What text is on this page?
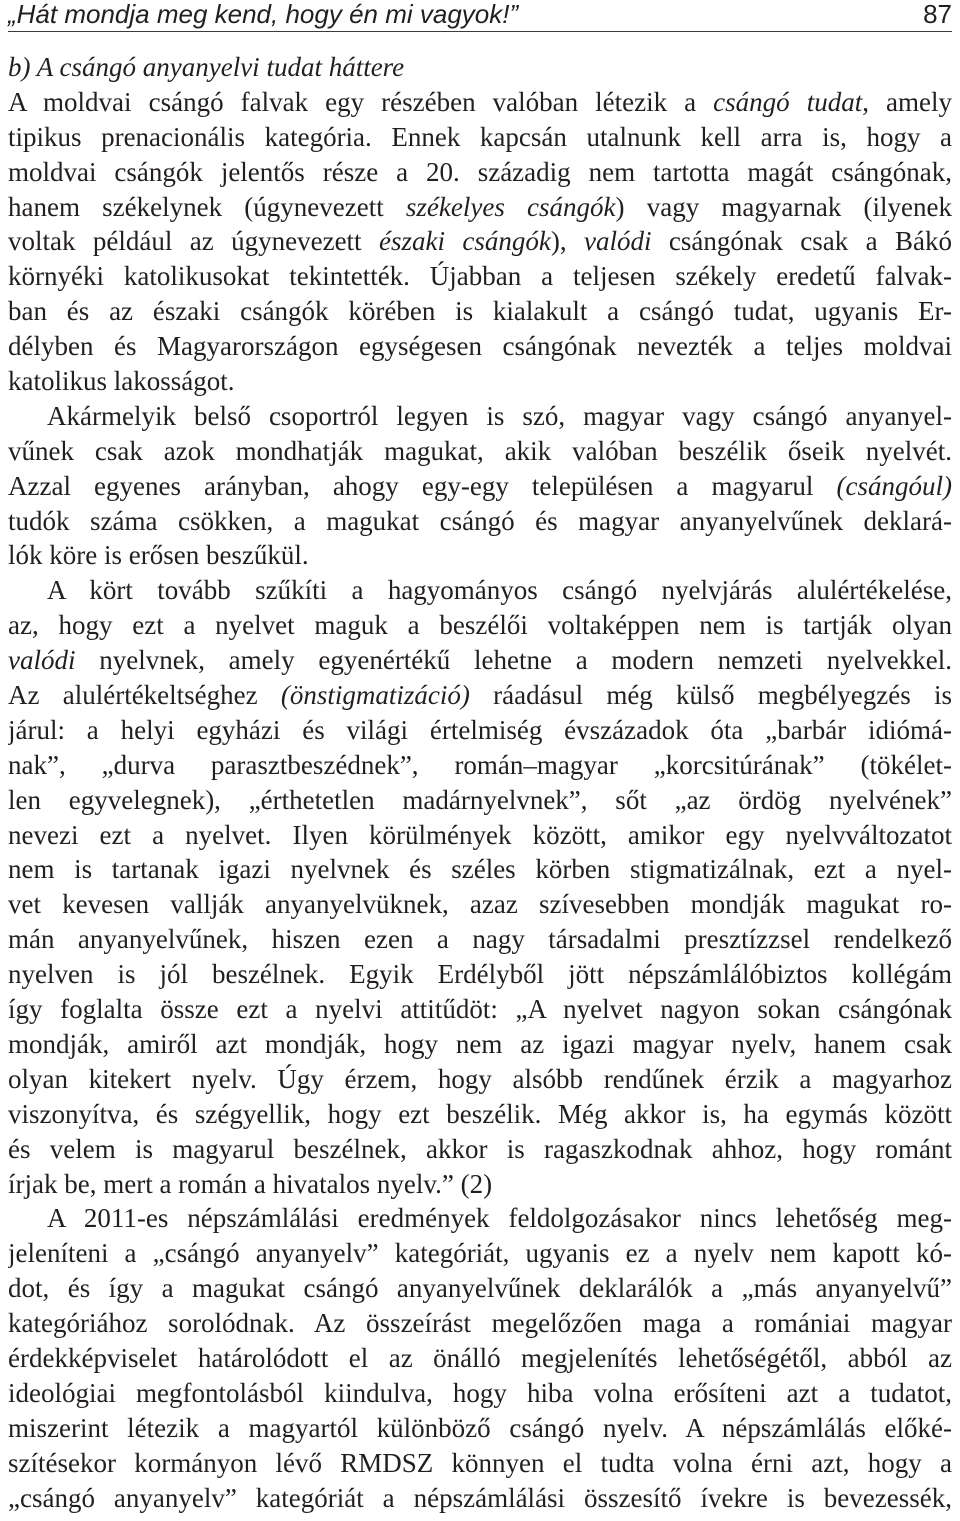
„Hát mondja meg kend, hogy én mi vagyok!”	87
b) A csángó anyanyelvi tudat háttere
A moldvai csángó falvak egy részében valóban létezik a csángó tudat, amely
tipikus prenacionális kategória. Ennek kapcsán utalnunk kell arra is, hogy a
moldvai csángók jelentős része a 20. századig nem tartotta magát csángónak,
hanem székelynek (úgynevezett székelyes csángók) vagy magyarnak (ilyenek
voltak például az úgynevezett északi csángók), valódi csángónak csak a Bákó
környéki katolikusokat tekintették. Újabban a teljesen székely eredetű falvak-
ban és az északi csángók körében is kialakult a csángó tudat, ugyanis Er-
délyben és Magyarországon egységesen csángónak nevezték a teljes moldvai
katolikus lakosságot.
Akármelyik belső csoportról legyen is szó, magyar vagy csángó anyanyel-
vűnek csak azok mondhatják magukat, akik valóban beszélik őseik nyelvét.
Azzal egyenes arányban, ahogy egy-egy településen a magyarul (csángóul)
tudók száma csökken, a magukat csángó és magyar anyanyelvűnek deklará-
lók köre is erősen beszűkül.
A kört tovább szűkíti a hagyományos csángó nyelvjárás alulértékelése,
az, hogy ezt a nyelvet maguk a beszélői voltaképpen nem is tartják olyan
valódi nyelvnek, amely egyenértékű lehetne a modern nemzeti nyelvekkel.
Az alulértékeltséghez (önstigmatizáció) ráadásul még külső megbélyegzés is
járul: a helyi egyházi és világi értelmiség évszázadok óta „barbár idiómá-
nak”, „durva parasztbeszédnek”, román–magyar „korcsitúrának” (tökélet-
len egyvelegnek), „érthetetlen madárnyelvnek”, sőt „az ördög nyelvének”
nevezi ezt a nyelvet. Ilyen körülmények között, amikor egy nyelvváltozatot
nem is tartanak igazi nyelvnek és széles körben stigmatizálnak, ezt a nyel-
vet kevesen vallják anyanyelvüknek, azaz szívesebben mondják magukat ro-
mán anyanyelvűnek, hiszen ezen a nagy társadalmi presztízzsel rendelkező
nyelven is jól beszélnek. Egyik Erdélyből jött népszámlálóbiztos kollégám
így foglalta össze ezt a nyelvi attitűdöt: „A nyelvet nagyon sokan csángónak
mondják, amiről azt mondják, hogy nem az igazi magyar nyelv, hanem csak
olyan kitekert nyelv. Úgy érzem, hogy alsóbb rendűnek érzik a magyarhoz
viszonyítva, és szégyellik, hogy ezt beszélik. Még akkor is, ha egymás között
és velem is magyarul beszélnek, akkor is ragaszkodnak ahhoz, hogy románt
írjak be, mert a román a hivatalos nyelv.” (2)
A 2011-es népszámlálási eredmények feldolgozásakor nincs lehetőség meg-
jeleníteni a „csángó anyanyelv” kategóriát, ugyanis ez a nyelv nem kapott kó-
dot, és így a magukat csángó anyanyelvűnek deklarálók a „más anyanyelvű”
kategóriához sorolódnak. Az összeírást megelőzően maga a romániai magyar
érdekképviselet határolódott el az önálló megjelenítés lehetőségétől, abból az
ideológiai megfontolásból kiindulva, hogy hiba volna erősíteni azt a tudatot,
miszerint létezik a magyartól különböző csángó nyelv. A népszámlálás előké-
szítésekor kormányon lévő RMDSZ könnyen el tudta volna érni azt, hogy a
„csángó anyanyelv” kategóriát a népszámlálási összesítő ívekre is bevezessék,
